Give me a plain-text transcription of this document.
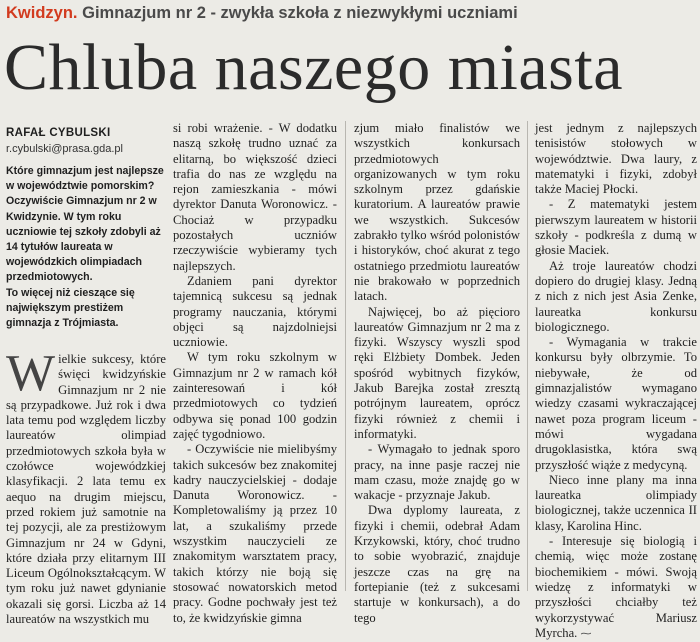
Kwidzyn. Gimnazjum nr 2 - zwykła szkoła z niezwykłymi uczniami
Chluba naszego miasta
RAFAŁ CYBULSKI
r.cybulski@prasa.gda.pl

Które gimnazjum jest najlepsze w województwie pomorskim?

Oczywiście Gimnazjum nr 2 w Kwidzynie. W tym roku uczniowie tej szkoły zdobyli aż 14 tytułów laureata w wojewódzkich olimpiadach przedmiotowych.

To więcej niż cieszące się największym prestiżem gimnazja z Trójmiasta.

Wielkie sukcesy, które święci kwidzyńskie Gimnazjum nr 2 nie są przypadkowe. Już rok i dwa lata temu pod względem liczby laureatów olimpiad przedmiotowych szkoła była w czołówce wojewódzkiej klasyfikacji. 2 lata temu ex aequo na drugim miejscu, przed rokiem już samotnie na tej pozycji, ale za prestiżowym Gimnazjum nr 24 w Gdyni, które działa przy elitarnym III Liceum Ogólnokształcącym. W tym roku już nawet gdynianie okazali się gorsi. Liczba aż 14 laureatów na wszystkich mu

si robi wrażenie. - W dodatku naszą szkołę trudno uznać za elitarną, bo większość dzieci trafia do nas ze względu na rejon zamieszkania - mówi dyrektor Danuta Woronowicz. - Chociaż w przypadku pozostałych uczniów rzeczywiście wybieramy tych najlepszych.

Zdaniem pani dyrektor tajemnicą sukcesu są jednak programy nauczania, którymi objęci są najzdolniejsi uczniowie.

W tym roku szkolnym w Gimnazjum nr 2 w ramach kół zainteresowań i kół przedmiotowych co tydzień odbywa się ponad 100 godzin zajęć tygodniowo.

- Oczywiście nie mielibyśmy takich sukcesów bez znakomitej kadry nauczycielskiej - dodaje Danuta Woronowicz. - Kompletowaliśmy ją przez 10 lat, a szukaliśmy przede wszystkim nauczycieli ze znakomitym warsztatem pracy, takich którzy nie boją się stosować nowatorskich metod pracy. Godne pochwały jest też to, że kwidzyńskie gimna

zjum miało finalistów we wszystkich konkursach przedmiotowych organizowanych w tym roku szkolnym przez gdańskie kuratorium. A laureatów prawie we wszystkich. Sukcesów zabrakło tylko wśród polonistów i historyków, choć akurat z tego ostatniego przedmiotu laureatów nie brakowało w poprzednich latach.

Najwięcej, bo aż pięcioro laureatów Gimnazjum nr 2 ma z fizyki. Wszyscy wyszli spod ręki Elżbiety Dombek. Jeden spośród wybitnych fizyków, Jakub Barejka został zresztą potrójnym laureatem, oprócz fizyki również z chemii i informatyki.

- Wymagało to jednak sporo pracy, na inne pasje raczej nie mam czasu, może znajdę go w wakacje - przyznaje Jakub.

Dwa dyplomy laureata, z fizyki i chemii, odebrał Adam Krzykowski, który, choć trudno to sobie wyobrazić, znajduje jeszcze czas na grę na fortepianie (też z sukcesami startuje w konkursach), a do tego

jest jednym z najlepszych tenisistów stołowych w województwie. Dwa laury, z matematyki i fizyki, zdobył także Maciej Płocki.

- Z matematyki jestem pierwszym laureatem w historii szkoły - podkreśla z dumą w głosie Maciek.

Aż troje laureatów chodzi dopiero do drugiej klasy. Jedną z nich z nich jest Asia Zenke, laureatka konkursu biologicznego.

- Wymagania w trakcie konkursu były olbrzymie. To niebywałe, że od gimnazjalistów wymagano wiedzy czasami wykraczającej nawet poza program liceum - mówi wygadana drugoklasistka, która swą przyszłość wiąże z medycyną.

Nieco inne plany ma inna laureatka olimpiady biologicznej, także uczennica II klasy, Karolina Hinc.

- Interesuje się biologią i chemią, więc może zostanę biochemikiem - mówi. Swoją wiedzę z informatyki w przyszłości chciałby też wykorzystywać Mariusz Myrcha. ⁓
